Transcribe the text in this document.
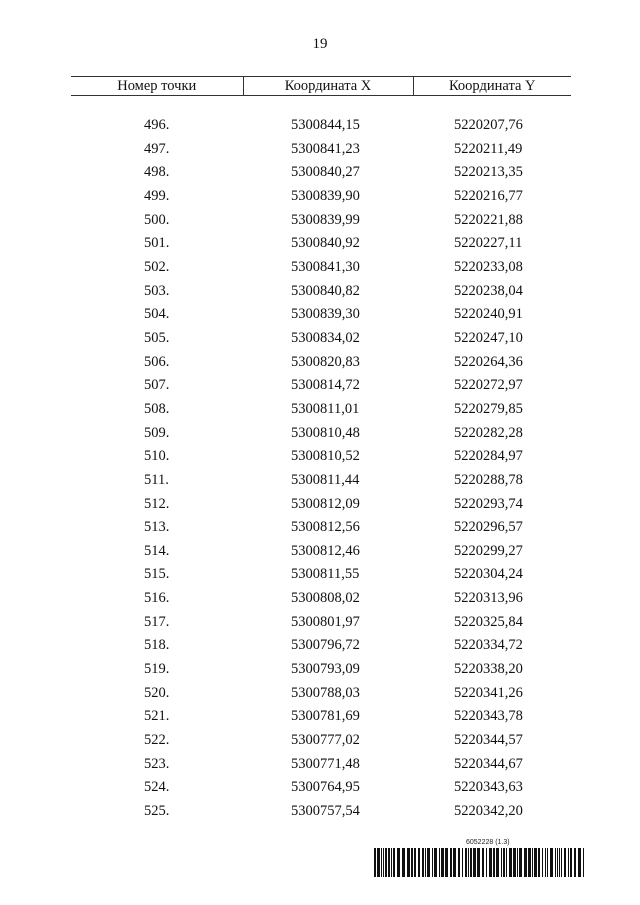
19
Номер точки	Координата X	Координата Y

496.	5300844,15	5220207,76
497.	5300841,23	5220211,49
498.	5300840,27	5220213,35
499.	5300839,90	5220216,77
500.	5300839,99	5220221,88
501.	5300840,92	5220227,11
502.	5300841,30	5220233,08
503.	5300840,82	5220238,04
504.	5300839,30	5220240,91
505.	5300834,02	5220247,10
506.	5300820,83	5220264,36
507.	5300814,72	5220272,97
508.	5300811,01	5220279,85
509.	5300810,48	5220282,28
510.	5300810,52	5220284,97
511.	5300811,44	5220288,78
512.	5300812,09	5220293,74
513.	5300812,56	5220296,57
514.	5300812,46	5220299,27
515.	5300811,55	5220304,24
516.	5300808,02	5220313,96
517.	5300801,97	5220325,84
518.	5300796,72	5220334,72
519.	5300793,09	5220338,20
520.	5300788,03	5220341,26
521.	5300781,69	5220343,78
522.	5300777,02	5220344,57
523.	5300771,48	5220344,67
524.	5300764,95	5220343,63
525.	5300757,54	5220342,20
6052228 (1.3)
